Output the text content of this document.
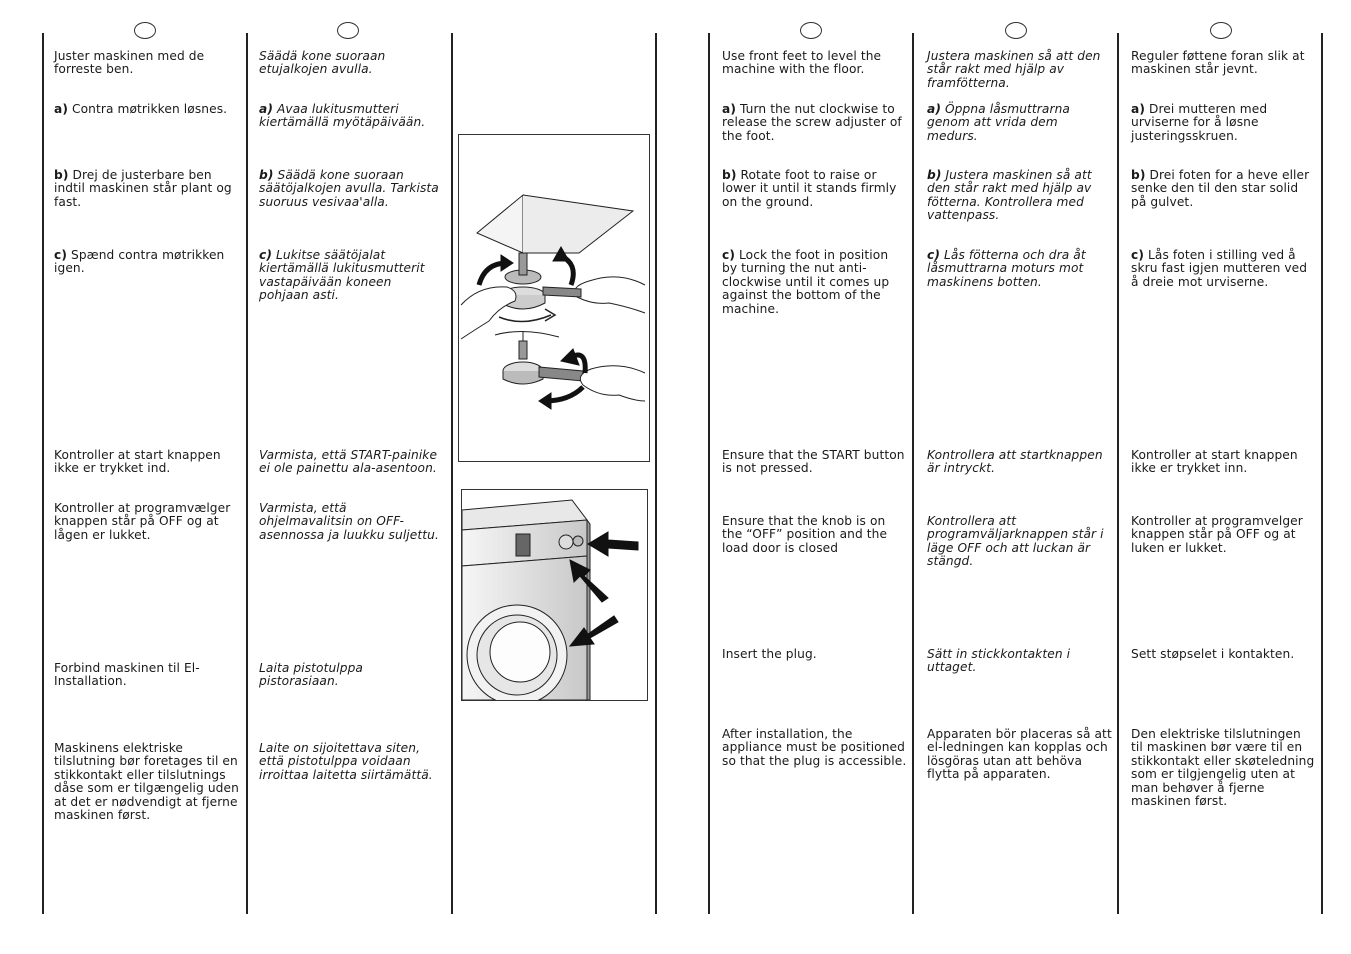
Juster maskinen med de forreste ben.
a) Contra møtrikken løsnes.
b) Drej de justerbare ben indtil maskinen står plant og fast.
c) Spænd contra møtrikken igen.
Kontroller at start knappen ikke er trykket ind.
Kontroller at programvælger knappen står på OFF og at lågen er lukket.
Forbind maskinen til El-Installation.
Maskinens elektriske tilslutning bør foretages til en stikkontakt eller tilslutnings dåse som er tilgængelig uden at det er nødvendigt at fjerne maskinen først.
Säädä kone suoraan etujalkojen avulla.
a) Avaa lukitusmutteri kiertämällä myötäpäivään.
b) Säädä kone suoraan säätöjalkojen avulla. Tarkista suoruus vesivaa'alla.
c) Lukitse säätöjalat kiertämällä lukitusmutterit vastapäivään koneen pohjaan asti.
Varmista, että START-painike ei ole painettu ala-asentoon.
Varmista, että ohjelmavalitsin on OFF-asennossa ja luukku suljettu.
Laita pistotulppa pistorasiaan.
Laite on sijoitettava siten, että pistotulppa voidaan irroittaa laitetta siirtämättä.
Use front feet to level the machine with the floor.
a) Turn the nut clockwise to release the screw adjuster of the foot.
b) Rotate foot to raise or lower it until it stands firmly on the ground.
c) Lock the foot in position by turning the nut anti-clockwise until it comes up against the bottom of the machine.
Ensure that the START button is not pressed.
Ensure that the knob is on the “OFF” position and the load door is closed
Insert the plug.
After installation, the appliance must be positioned so that the plug is accessible.
Justera maskinen så att den står rakt med hjälp av framfötterna.
a) Öppna låsmuttrarna genom att vrida dem medurs.
b) Justera maskinen så att den står rakt med hjälp av fötterna. Kontrollera med vattenpass.
c) Lås fötterna och dra åt låsmuttrarna moturs mot maskinens botten.
Kontrollera att startknappen är intryckt.
Kontrollera att programväljarknappen står i läge OFF och att luckan är stängd.
Sätt in stickkontakten i uttaget.
Apparaten bör placeras så att el-ledningen kan kopplas och lösgöras utan att behöva flytta på apparaten.
Reguler føttene foran slik at maskinen står jevnt.
a) Drei mutteren med urviserne for å løsne justeringsskruen.
b) Drei foten for a heve eller senke den til den star solid på gulvet.
c) Lås foten i stilling ved å skru fast igjen mutteren ved å dreie mot urviserne.
Kontroller at start knappen ikke er trykket inn.
Kontroller at programvelger knappen står på OFF og at luken er lukket.
Sett støpselet i kontakten.
Den elektriske tilslutningen til maskinen bør være til en stikkontakt eller skøteledning som er tilgjengelig uten at man behøver å fjerne maskinen først.
